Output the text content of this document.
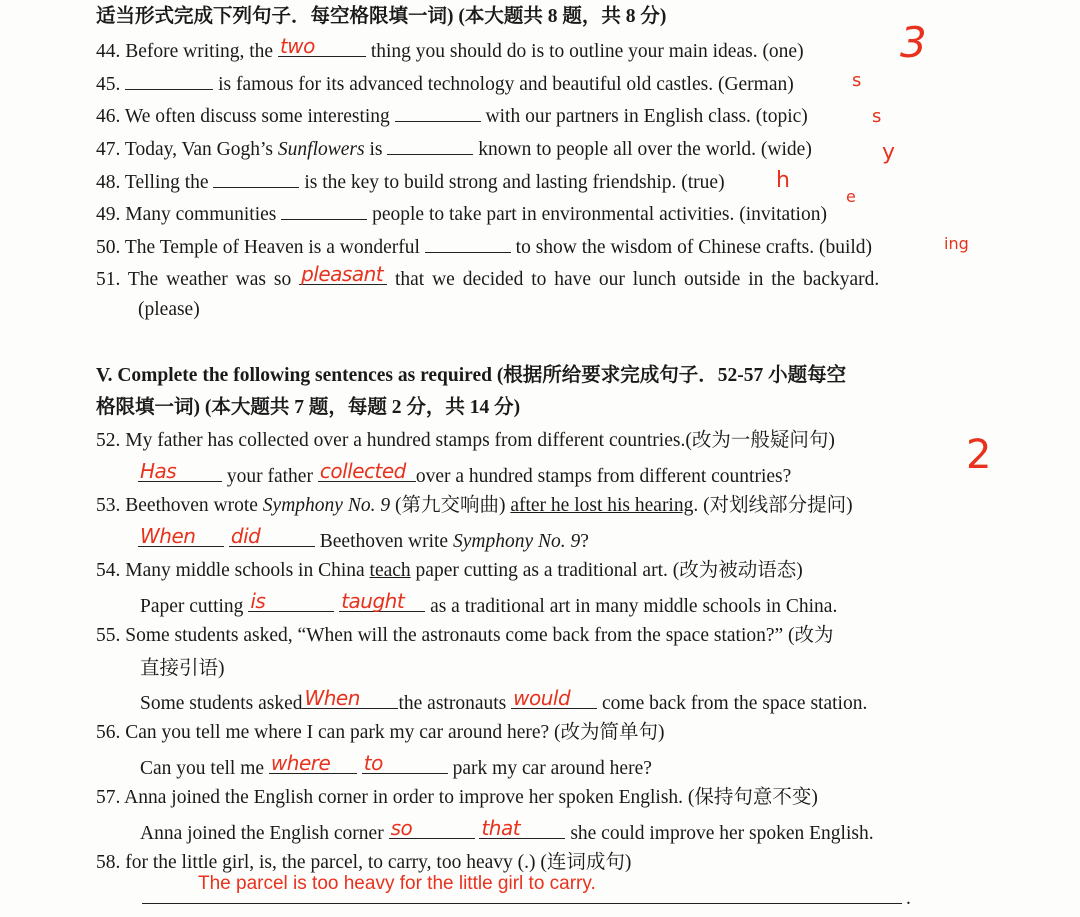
适当形式完成下列句子．每空格限填一词) (本大题共 8 题，共 8 分)
44. Before writing, the two	thing you should do is to outline your main ideas. (one) 3
45.	is famous for its advanced technology and beautiful old castles. (German)	s
46. We often discuss some interesting	with our partners in English class. (topic)	s
47. Today, Van Gogh’s Sunflowers is	known to people all over the world. (wide)	y
48. Telling the	is the key to build strong and lasting friendship. (true) h
49. Many communities	people to take part in environmental activities. (invitation)
e
50. The Temple of Heaven is a wonderful	to show the wisdom of Chinese crafts. (build)	ing
51. The weather was so pleasant that we decided to have our lunch outside in the backyard.
(please)
V. Complete the following sentences as required (根据所给要求完成句子．52-57 小题每空
格限填一词) (本大题共 7 题，每题 2 分，共 14 分)
52. My father has collected over a hundred stamps from different countries.(改为一般疑问句)	2
Has	your father collected over a hundred stamps from different countries?
53. Beethoven wrote Symphony No. 9 (第九交响曲) after he lost his hearing. (对划线部分提问)
When
did	Beethoven write Symphony No. 9?
54. Many middle schools in China teach paper cutting as a traditional art. (改为被动语态)
Paper cutting is
	taught as a traditional art in many middle schools in China.
55. Some students asked, “When will the astronauts come back from the space station?” (改为
直接引语)
Some students asked When the astronauts would come back from the space station.
56. Can you tell me where I can park my car around here? (改为简单句)
Can you tell me where
to	park my car around here?
57. Anna joined the English corner in order to improve her spoken English. (保持句意不变)
Anna joined the English corner so
	that	she could improve her spoken English.
58. for the little girl, is, the parcel, to carry, too heavy (.) (连词成句)
The parcel is too heavy for the little girl to carry.
.
